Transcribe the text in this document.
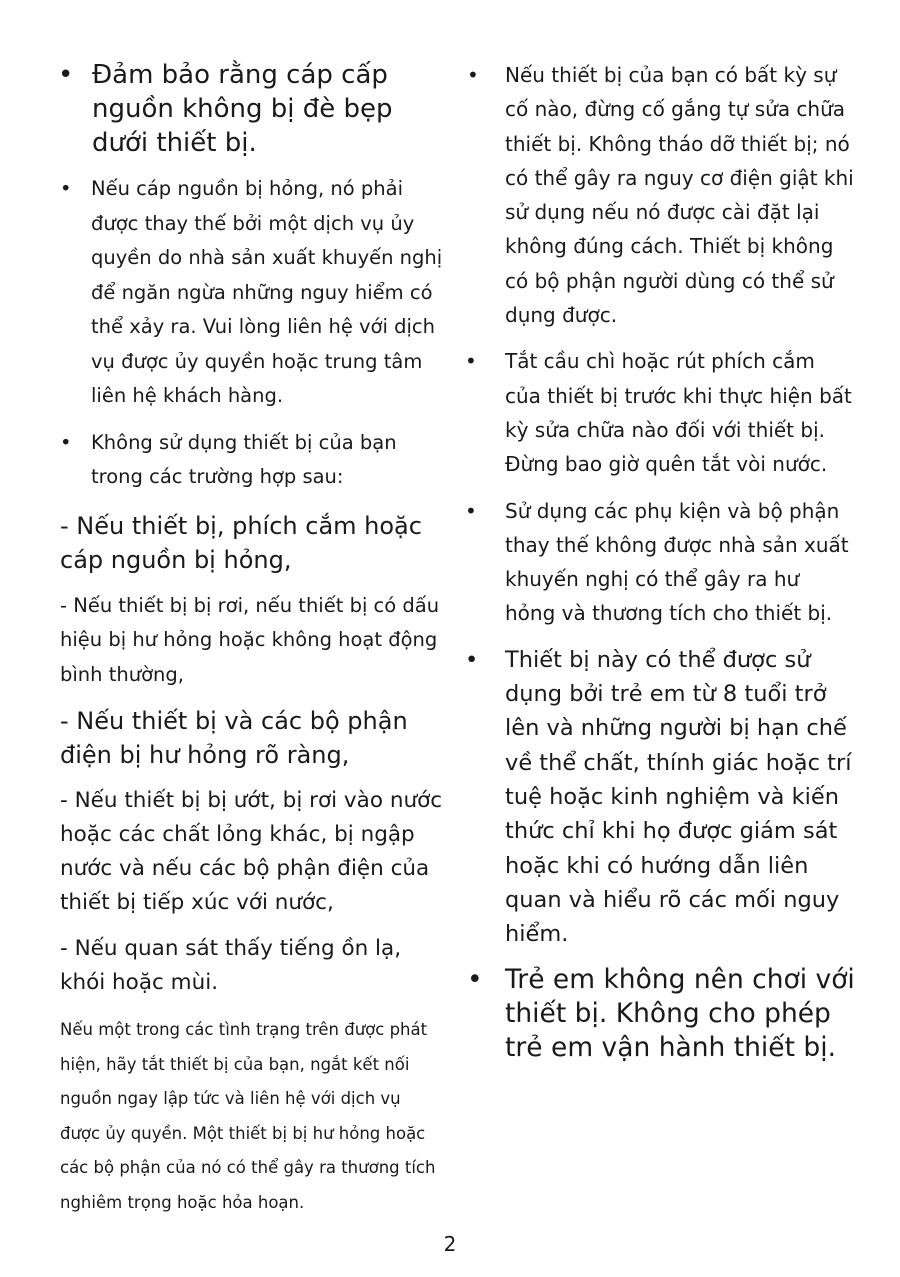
• Đảm bảo rằng cáp cấp nguồn không bị đè bẹp dưới thiết bị.

• Nếu cáp nguồn bị hỏng, nó phải được thay thế bởi một dịch vụ ủy quyền do nhà sản xuất khuyến nghị để ngăn ngừa những nguy hiểm có thể xảy ra. Vui lòng liên hệ với dịch vụ được ủy quyền hoặc trung tâm liên hệ khách hàng.

• Không sử dụng thiết bị của bạn trong các trường hợp sau:

- Nếu thiết bị, phích cắm hoặc cáp nguồn bị hỏng,

- Nếu thiết bị bị rơi, nếu thiết bị có dấu hiệu bị hư hỏng hoặc không hoạt động bình thường,

- Nếu thiết bị và các bộ phận điện bị hư hỏng rõ ràng,

- Nếu thiết bị bị ướt, bị rơi vào nước hoặc các chất lỏng khác, bị ngập nước và nếu các bộ phận điện của thiết bị tiếp xúc với nước,

- Nếu quan sát thấy tiếng ồn lạ, khói hoặc mùi.

Nếu một trong các tình trạng trên được phát hiện, hãy tắt thiết bị của bạn, ngắt kết nối nguồn ngay lập tức và liên hệ với dịch vụ được ủy quyền. Một thiết bị bị hư hỏng hoặc các bộ phận của nó có thể gây ra thương tích nghiêm trọng hoặc hỏa hoạn.

• Nếu thiết bị của bạn có bất kỳ sự cố nào, đừng cố gắng tự sửa chữa thiết bị. Không tháo dỡ thiết bị; nó có thể gây ra nguy cơ điện giật khi sử dụng nếu nó được cài đặt lại không đúng cách. Thiết bị không có bộ phận người dùng có thể sử dụng được.

• Tắt cầu chì hoặc rút phích cắm của thiết bị trước khi thực hiện bất kỳ sửa chữa nào đối với thiết bị. Đừng bao giờ quên tắt vòi nước.

• Sử dụng các phụ kiện và bộ phận thay thế không được nhà sản xuất khuyến nghị có thể gây ra hư hỏng và thương tích cho thiết bị.

• Thiết bị này có thể được sử dụng bởi trẻ em từ 8 tuổi trở lên và những người bị hạn chế về thể chất, thính giác hoặc trí tuệ hoặc kinh nghiệm và kiến thức chỉ khi họ được giám sát hoặc khi có hướng dẫn liên quan và hiểu rõ các mối nguy hiểm.

• Trẻ em không nên chơi với thiết bị. Không cho phép trẻ em vận hành thiết bị.

2
